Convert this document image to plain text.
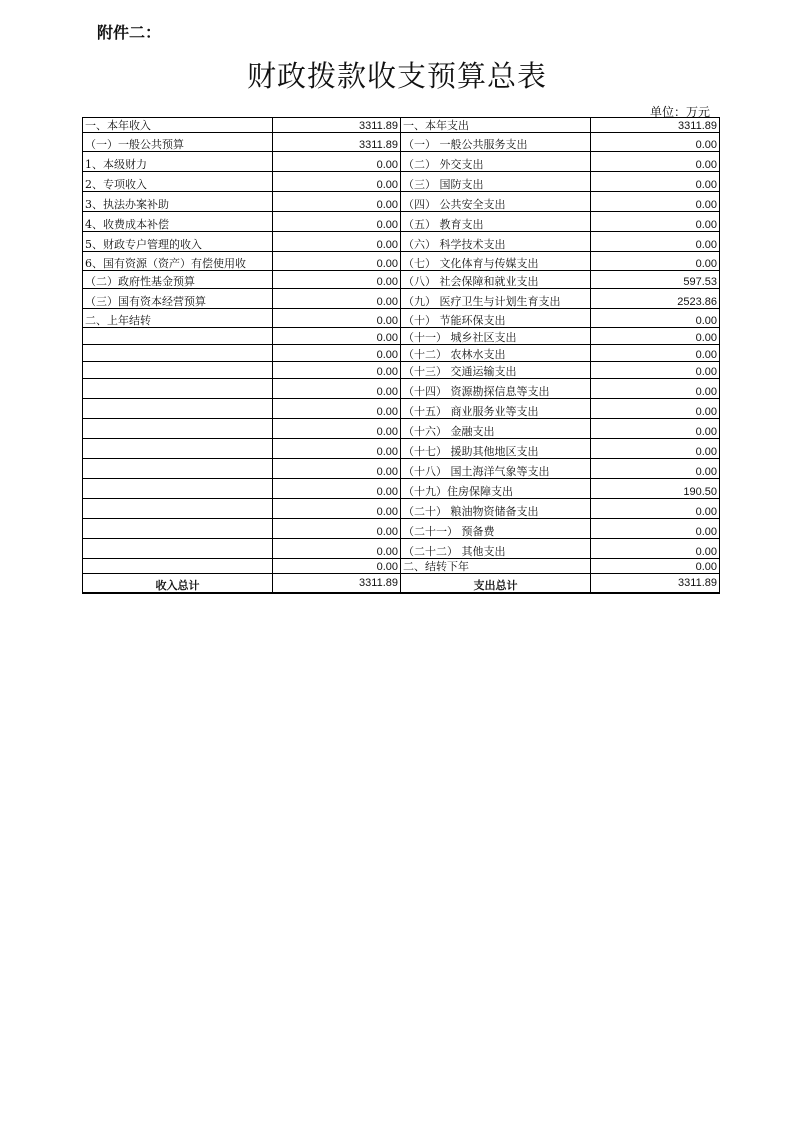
附件二：
财政拨款收支预算总表
单位：万元
一、本年收入	3311.89	一、本年支出	3311.89
（一）一般公共预算	3311.89	（一） 一般公共服务支出	0.00
1、本级财力	0.00	（二） 外交支出	0.00
2、专项收入	0.00	（三） 国防支出	0.00
3、执法办案补助	0.00	（四） 公共安全支出	0.00
4、收费成本补偿	0.00	（五） 教育支出	0.00
5、财政专户管理的收入	0.00	（六） 科学技术支出	0.00
6、国有资源（资产）有偿使用收	0.00	（七） 文化体育与传媒支出	0.00
（二）政府性基金预算	0.00	（八） 社会保障和就业支出	597.53
（三）国有资本经营预算	0.00	（九） 医疗卫生与计划生育支出	2523.86
二、上年结转	0.00	（十） 节能环保支出	0.00
	0.00	（十一） 城乡社区支出	0.00
	0.00	（十二） 农林水支出	0.00
	0.00	（十三） 交通运输支出	0.00
	0.00	（十四） 资源勘探信息等支出	0.00
	0.00	（十五） 商业服务业等支出	0.00
	0.00	（十六） 金融支出	0.00
	0.00	（十七） 援助其他地区支出	0.00
	0.00	（十八） 国土海洋气象等支出	0.00
	0.00	（十九）住房保障支出	190.50
	0.00	（二十） 粮油物资储备支出	0.00
	0.00	（二十一） 预备费	0.00
	0.00	（二十二） 其他支出	0.00
	0.00	二、结转下年	0.00
收入总计	3311.89	支出总计	3311.89
